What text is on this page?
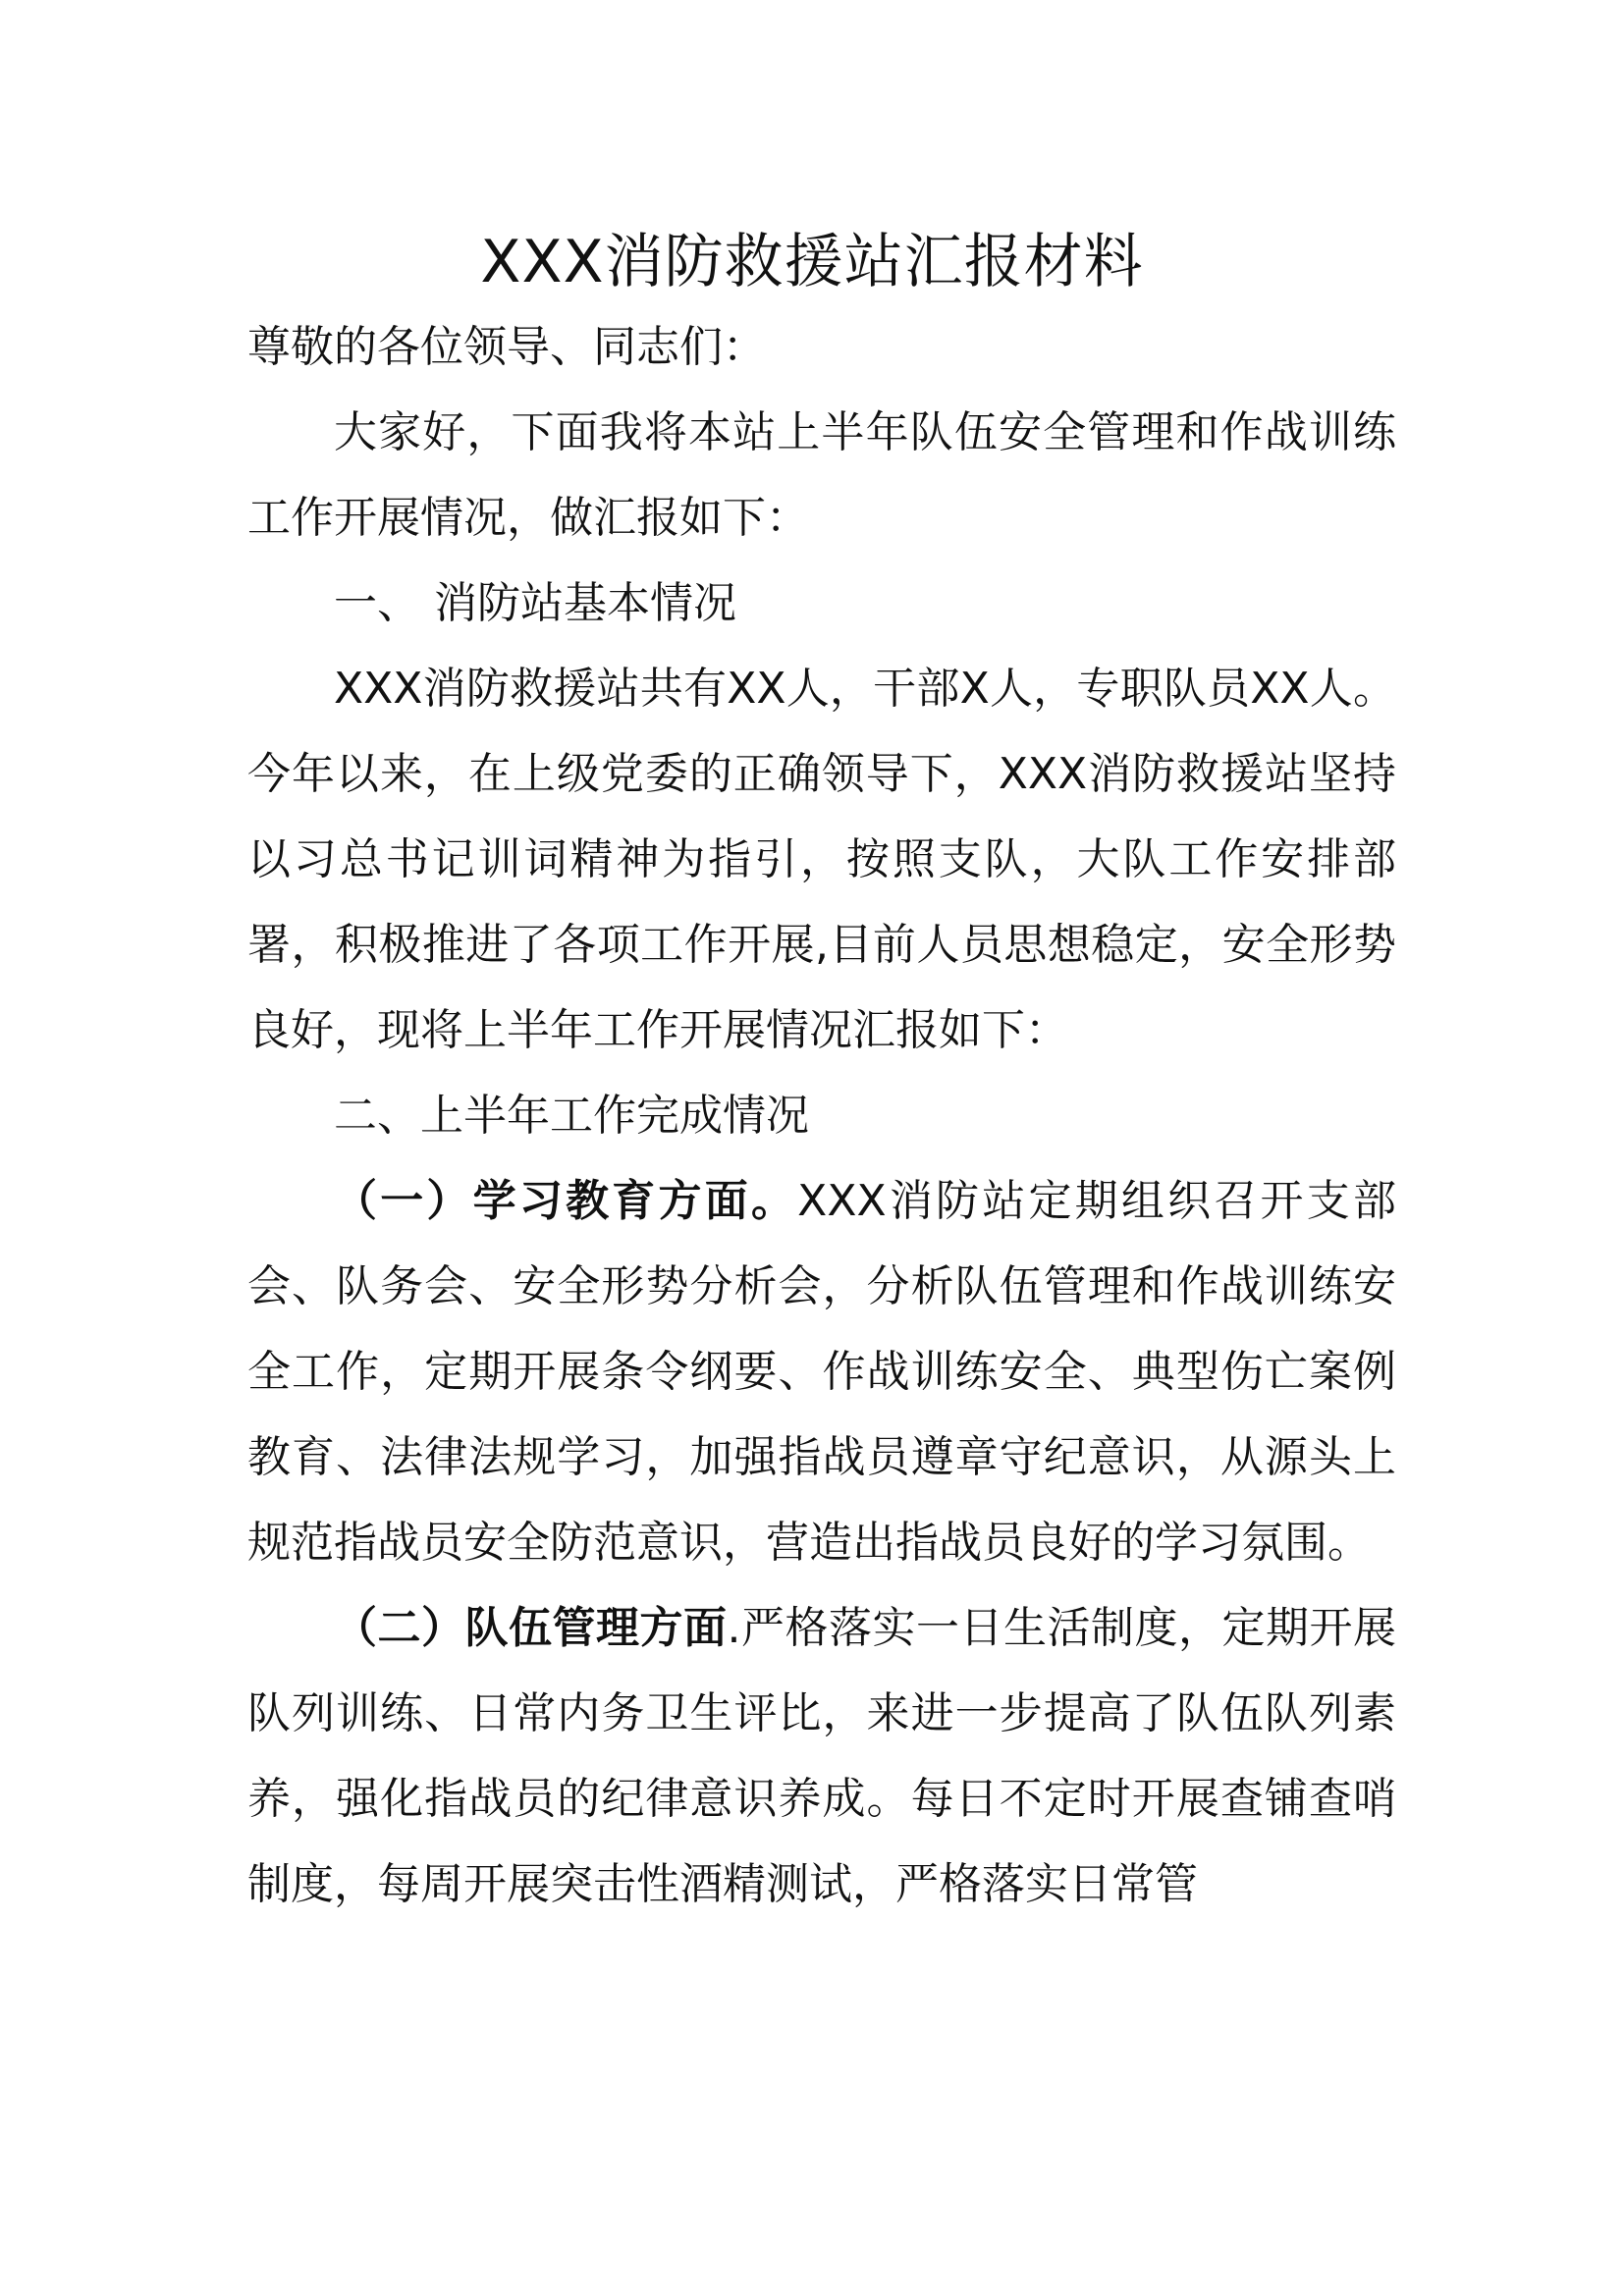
XXX消防救援站汇报材料

尊敬的各位领导、同志们：

大家好，下面我将本站上半年队伍安全管理和作战训练工作开展情况，做汇报如下：

一、 消防站基本情况

XXX消防救援站共有XX人，干部X人，专职队员XX人。今年以来，在上级党委的正确领导下，XXX消防救援站坚持以习总书记训词精神为指引，按照支队，大队工作安排部署，积极推进了各项工作开展,目前人员思想稳定，安全形势良好，现将上半年工作开展情况汇报如下：

二、上半年工作完成情况

（一）学习教育方面。XXX消防站定期组织召开支部会、队务会、安全形势分析会，分析队伍管理和作战训练安全工作，定期开展条令纲要、作战训练安全、典型伤亡案例教育、法律法规学习，加强指战员遵章守纪意识，从源头上规范指战员安全防范意识，营造出指战员良好的学习氛围。

（二）队伍管理方面.严格落实一日生活制度，定期开展队列训练、日常内务卫生评比，来进一步提高了队伍队列素养，强化指战员的纪律意识养成。每日不定时开展查铺查哨制度，每周开展突击性酒精测试，严格落实日常管
